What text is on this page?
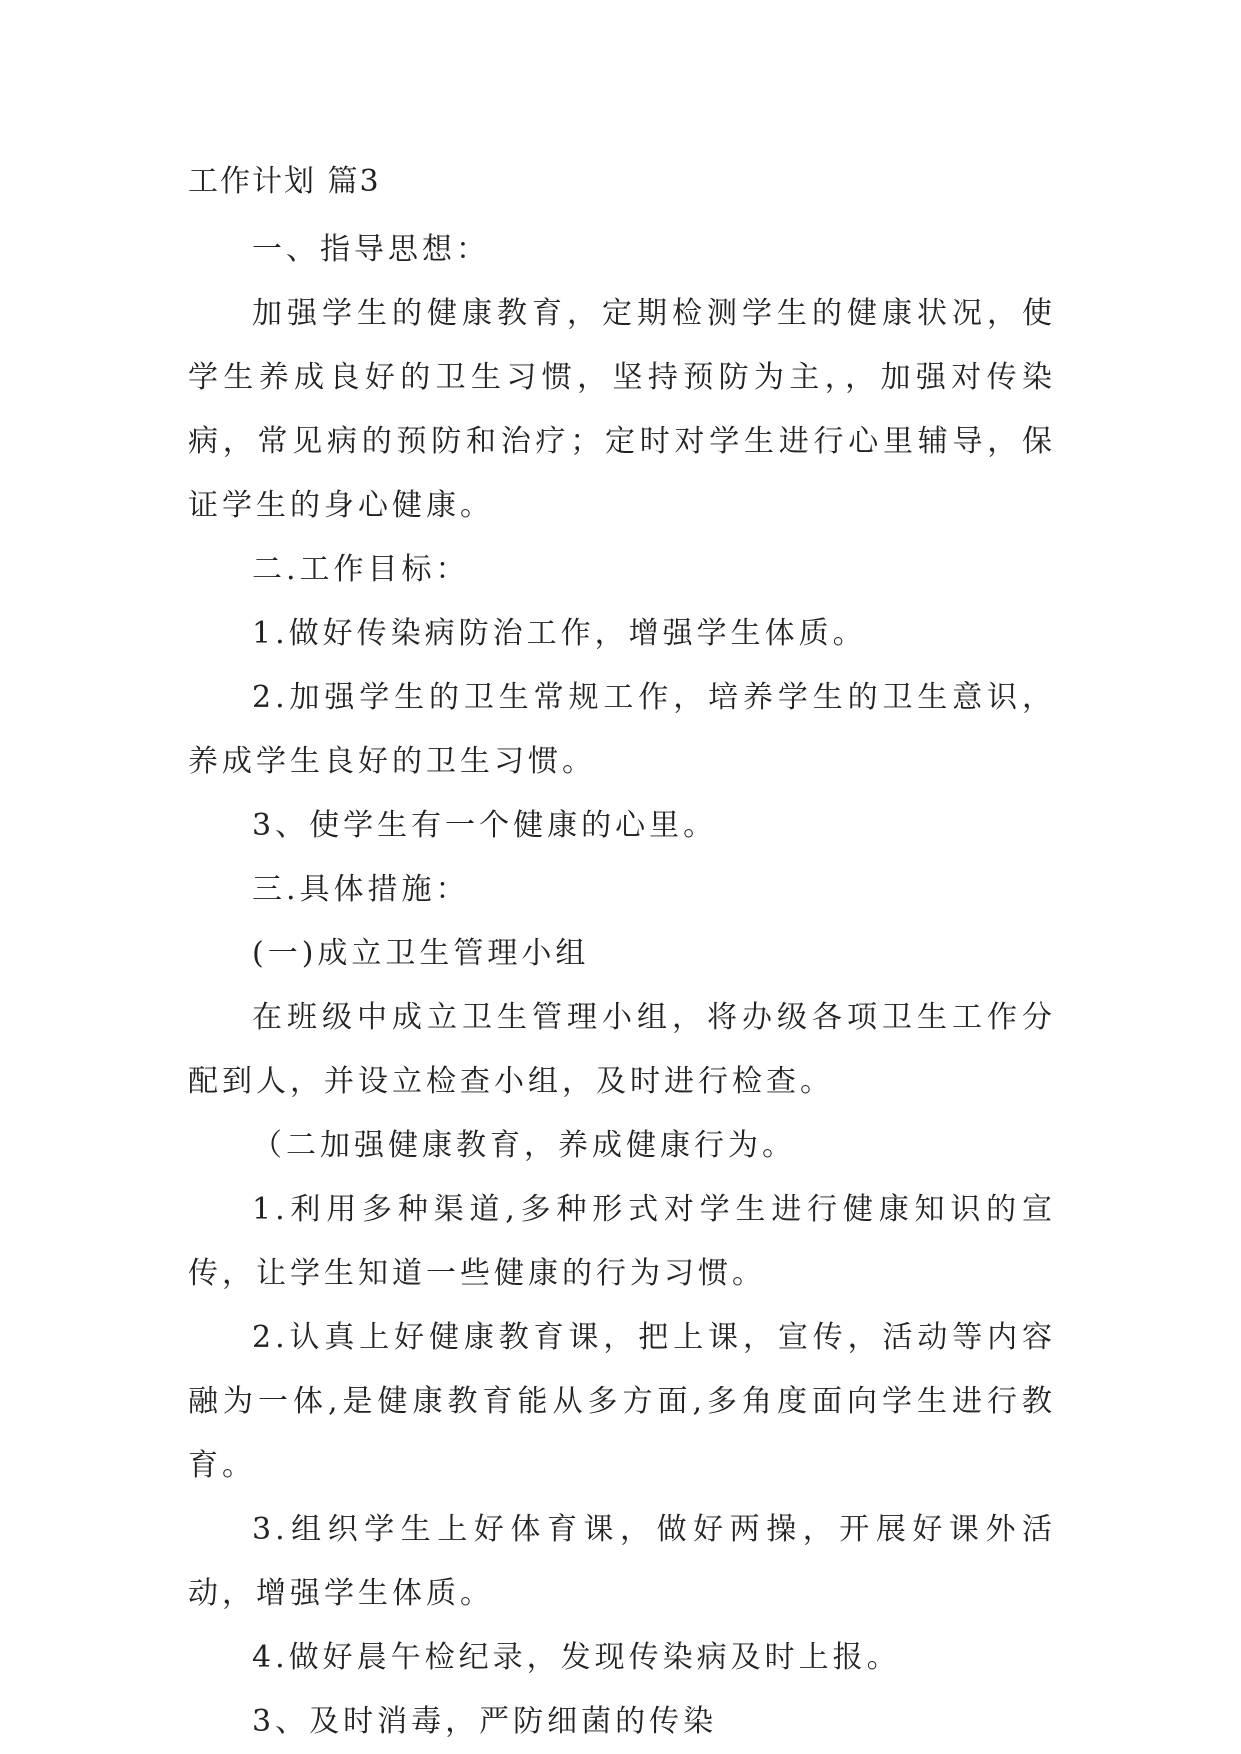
工作计划 篇3

一、指导思想：

加强学生的健康教育，定期检测学生的健康状况，使学生养成良好的卫生习惯，坚持预防为主，，加强对传染病，常见病的预防和治疗；定时对学生进行心里辅导，保证学生的身心健康。

二.工作目标：

1.做好传染病防治工作，增强学生体质。

2.加强学生的卫生常规工作，培养学生的卫生意识，养成学生良好的卫生习惯。

3、使学生有一个健康的心里。

三.具体措施：

(一)成立卫生管理小组

在班级中成立卫生管理小组，将办级各项卫生工作分配到人，并设立检查小组，及时进行检查。

（二加强健康教育，养成健康行为。

1.利用多种渠道,多种形式对学生进行健康知识的宣传，让学生知道一些健康的行为习惯。

2.认真上好健康教育课，把上课，宣传，活动等内容融为一体,是健康教育能从多方面,多角度面向学生进行教育。

3.组织学生上好体育课，做好两操，开展好课外活动，增强学生体质。

4.做好晨午检纪录，发现传染病及时上报。

3、及时消毒，严防细菌的传染
